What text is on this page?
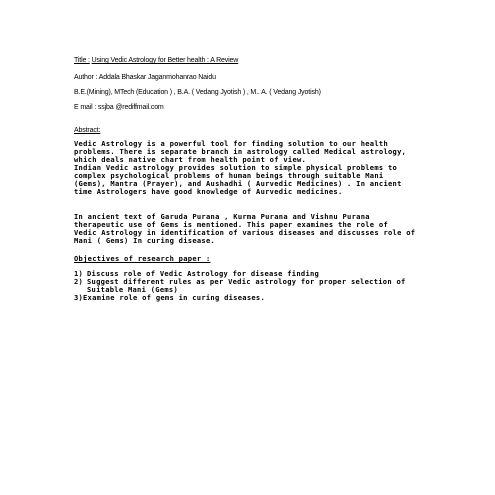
Title : Using Vedic Astrology for Better health : A Review
Author : Addala Bhaskar Jaganmohanrao Naidu
B.E.(Mining), MTech (Education ) , B.A. ( Vedang Jyotish ) , M.. A. ( Vedang Jyotish)
E mail : ssjba @rediffmail.com
Abstract:
Vedic Astrology is a powerful tool for finding solution to our health
problems. There is separate branch in astrology called Medical astrology,
which deals native chart from health point of view.
Indian Vedic astrology provides solution to simple physical problems to
complex psychological problems of human beings through suitable Mani
(Gems), Mantra (Prayer), and Aushadhi ( Aurvedic Medicines) . In ancient
time Astrologers have good knowledge of Aurvedic medicines.
In ancient text of Garuda Purana , Kurma Purana and Vishnu Purana
therapeutic use of Gems is mentioned. This paper examines the role of
Vedic Astrology in identification of various diseases and discusses role of
Mani ( Gems) In curing disease.
Objectives of research paper :
1) Discuss role of Vedic Astrology for disease finding
2) Suggest different rules as per Vedic astrology for proper selection of
Suitable Mani (Gems)
3)Examine role of gems in curing diseases.
